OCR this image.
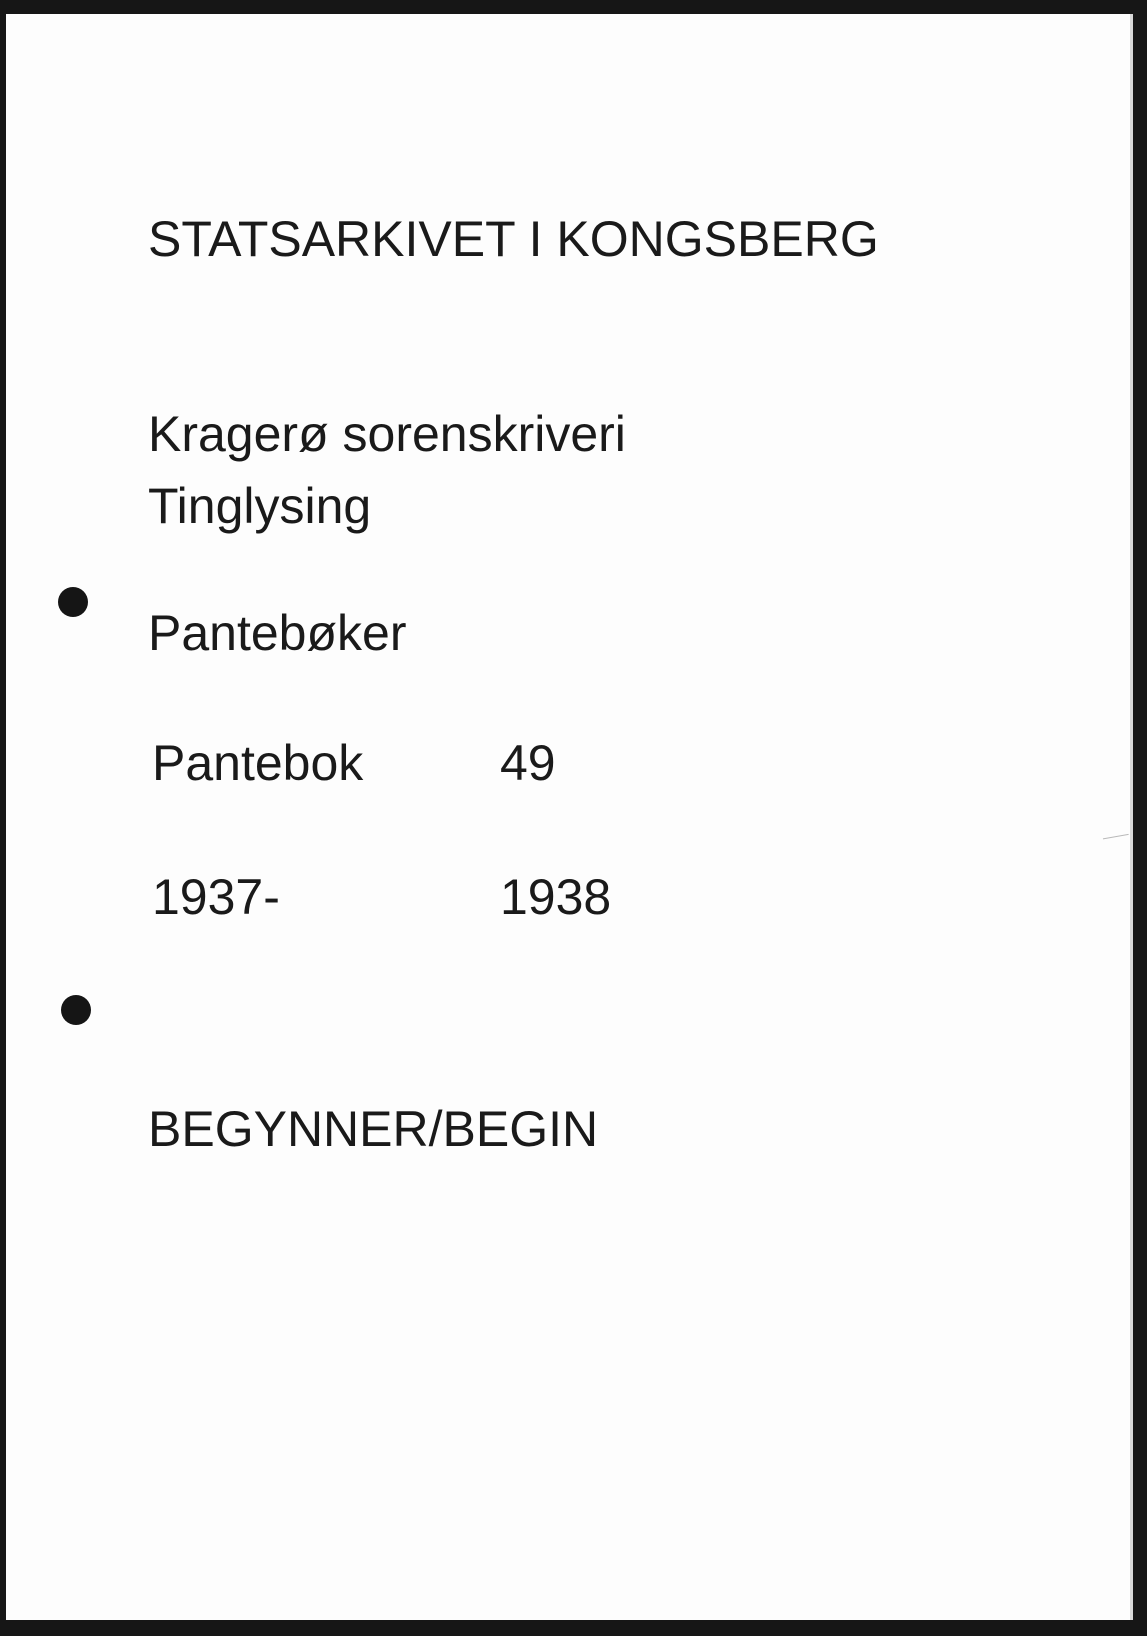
STATSARKIVET I KONGSBERG
Kragerø sorenskriveri
Tinglysing
Pantebøker
Pantebok	49
1937-	1938
BEGYNNER/BEGIN
